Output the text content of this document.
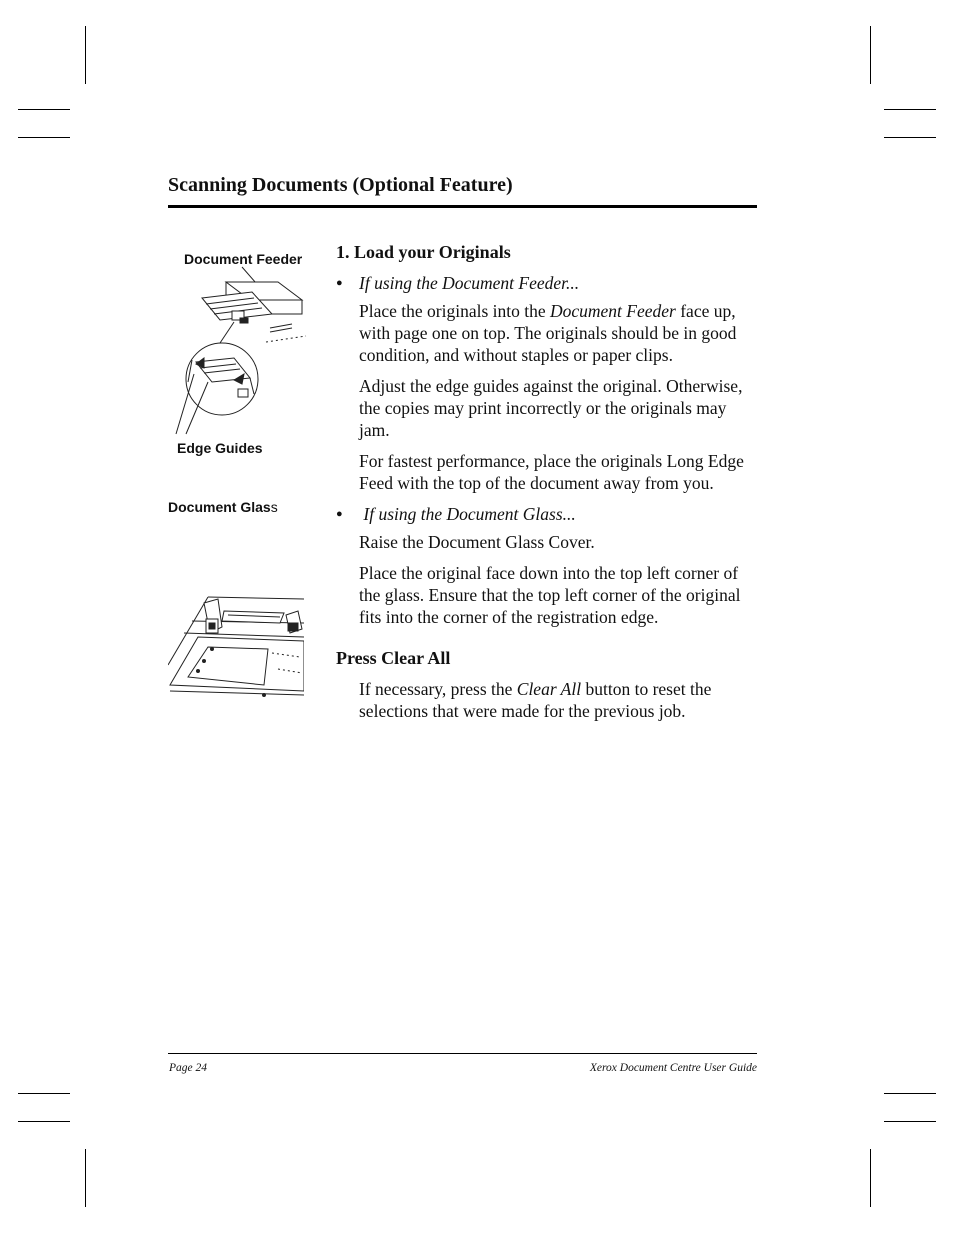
Scanning Documents (Optional Feature)
Document Feeder
Edge Guides
Document Glass
1. Load your Originals
● If using the Document Feeder...

Place the originals into the Document Feeder face up, with page one on top. The originals should be in good condition, and without staples or paper clips.

Adjust the edge guides against the original. Otherwise, the copies may print incorrectly or the originals may jam.

For fastest performance, place the originals Long Edge Feed with the top of the document away from you.

● If using the Document Glass...

Raise the Document Glass Cover.

Place the original face down into the top left corner of the glass. Ensure that the top left corner of the original fits into the corner of the registration edge.

Press Clear All

If necessary, press the Clear All button to reset the selections that were made for the previous job.

Page 24	Xerox Document Centre User Guide
